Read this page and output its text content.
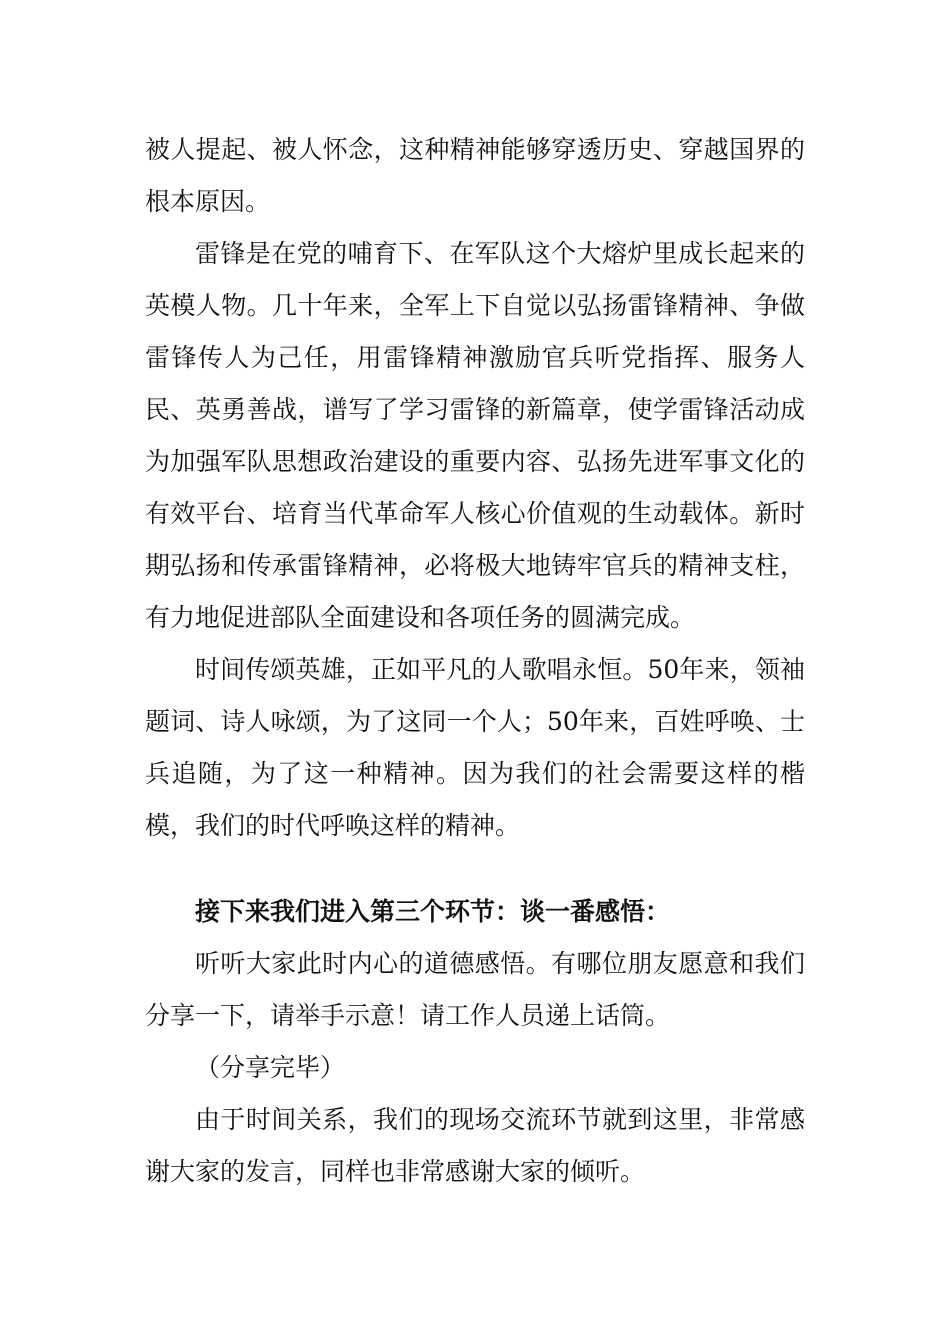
被人提起、被人怀念，这种精神能够穿透历史、穿越国界的根本原因。

雷锋是在党的哺育下、在军队这个大熔炉里成长起来的英模人物。几十年来，全军上下自觉以弘扬雷锋精神、争做雷锋传人为己任，用雷锋精神激励官兵听党指挥、服务人民、英勇善战，谱写了学习雷锋的新篇章，使学雷锋活动成为加强军队思想政治建设的重要内容、弘扬先进军事文化的有效平台、培育当代革命军人核心价值观的生动载体。新时期弘扬和传承雷锋精神，必将极大地铸牢官兵的精神支柱，有力地促进部队全面建设和各项任务的圆满完成。

时间传颂英雄，正如平凡的人歌唱永恒。50年来，领袖题词、诗人咏颂，为了这同一个人；50年来，百姓呼唤、士兵追随，为了这一种精神。因为我们的社会需要这样的楷模，我们的时代呼唤这样的精神。

接下来我们进入第三个环节：谈一番感悟：

听听大家此时内心的道德感悟。有哪位朋友愿意和我们分享一下，请举手示意！请工作人员递上话筒。

（分享完毕）

由于时间关系，我们的现场交流环节就到这里，非常感谢大家的发言，同样也非常感谢大家的倾听。
